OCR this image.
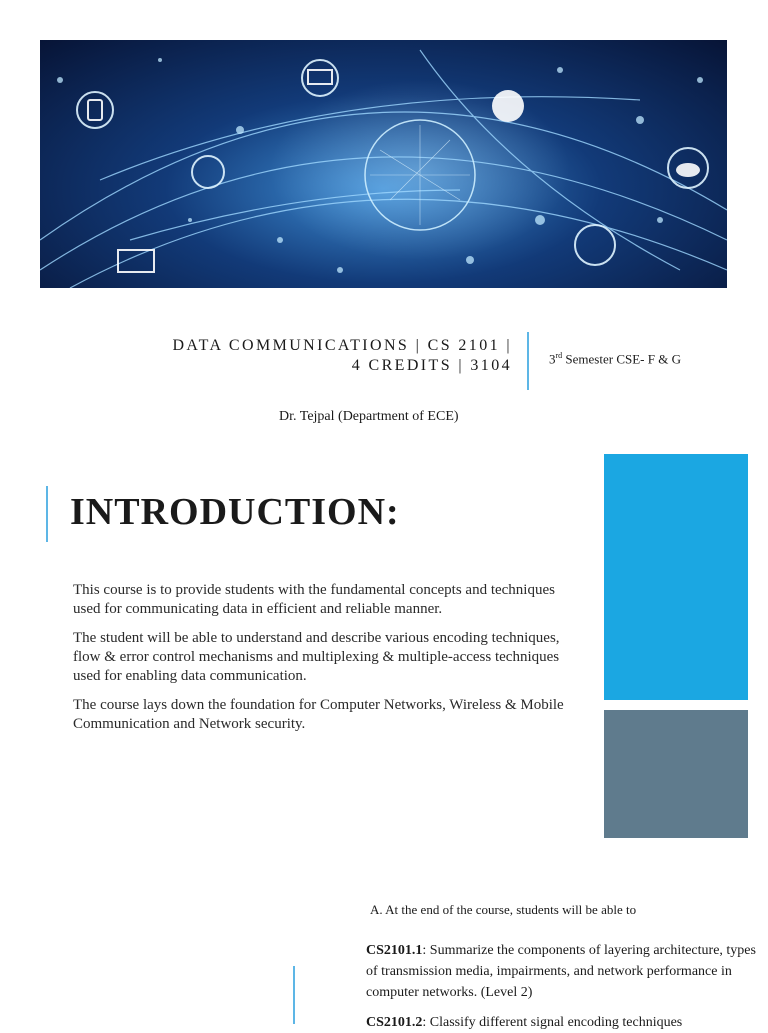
DATA COMMUNICATIONS | CS 2101 |
4 CREDITS | 3104	3rd Semester CSE- F & G
Dr. Tejpal (Department of ECE)
INTRODUCTION:

This course is to provide students with the fundamental concepts and techniques used for communicating data in efficient and reliable manner.

The student will be able to understand and describe various encoding techniques, flow & error control mechanisms and multiplexing & multiple-access techniques used for enabling data communication.

The course lays down the foundation for Computer Networks, Wireless & Mobile Communication and Network security.

A. At the end of the course, students will be able to
CS2101.1: Summarize the components of layering architecture, types of transmission media, impairments, and network performance in computer networks. (Level 2)
CS2101.2: Classify different signal encoding techniques
